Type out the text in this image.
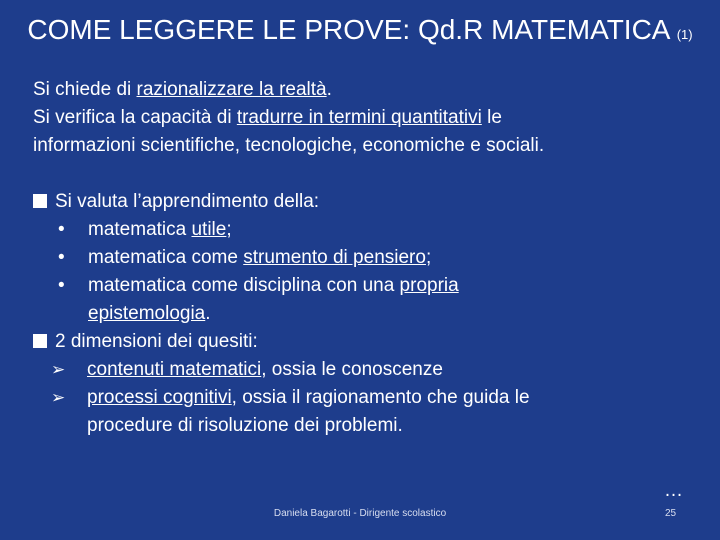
COME LEGGERE LE PROVE: Qd.R MATEMATICA (1)
Si chiede di razionalizzare la realtà.
Si verifica la capacità di tradurre in termini quantitativi le
informazioni scientifiche, tecnologiche, economiche e sociali.
Si valuta l’apprendimento della:
• matematica utile;
• matematica come strumento di pensiero;
• matematica come disciplina con una propria
epistemologia.
2 dimensioni dei quesiti:
➢ contenuti matematici, ossia le conoscenze
➢ processi cognitivi, ossia il ragionamento che guida le
procedure di risoluzione dei problemi.
…
Daniela Bagarotti - Dirigente scolastico	25
